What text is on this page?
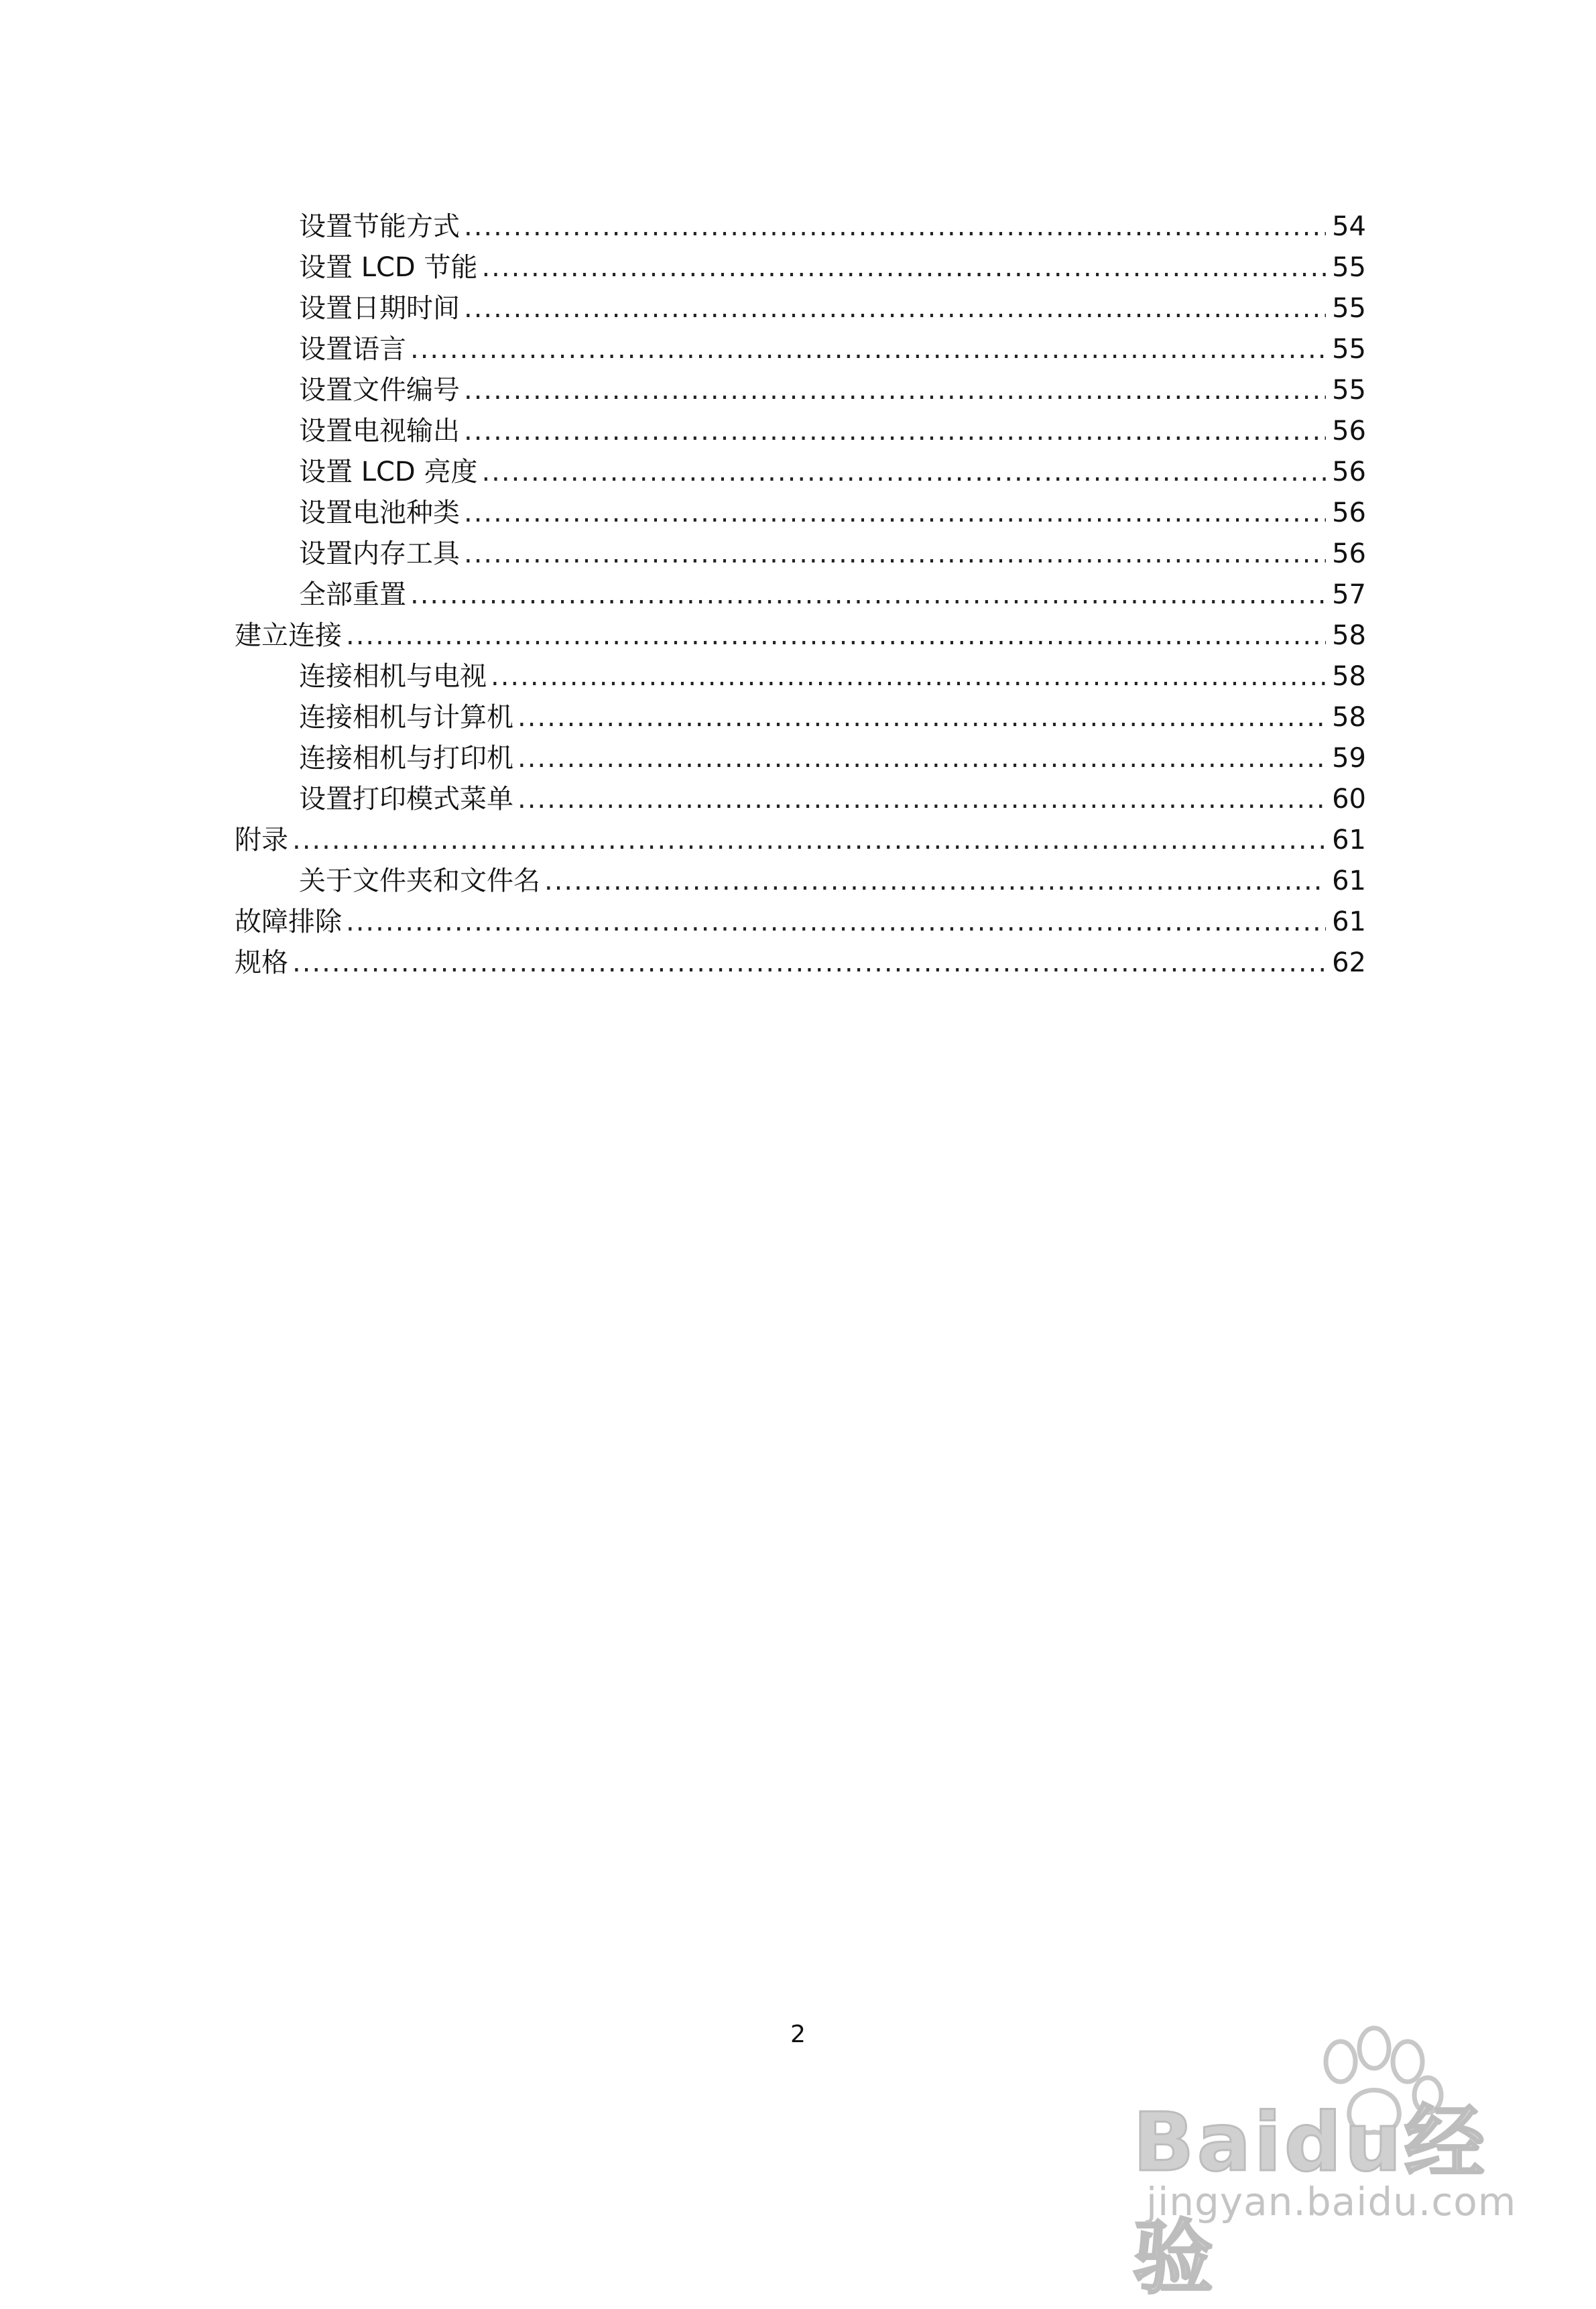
设置节能方式 .....	54
设置 LCD 节能 .....	55
设置日期时间 .....	55
设置语言 .....	55
设置文件编号 .....	55
设置电视输出 .....	56
设置 LCD 亮度 .....	56
设置电池种类 .....	56
设置内存工具 .....	56
全部重置 .....	57
建立连接 .....	58
连接相机与电视 .....	58
连接相机与计算机 .....	58
连接相机与打印机 .....	59
设置打印模式菜单 .....	60
附录 .....	61
关于文件夹和文件名 .....	61
故障排除 .....	61
规格 .....	62
2
Baidu经验
jingyan.baidu.com
